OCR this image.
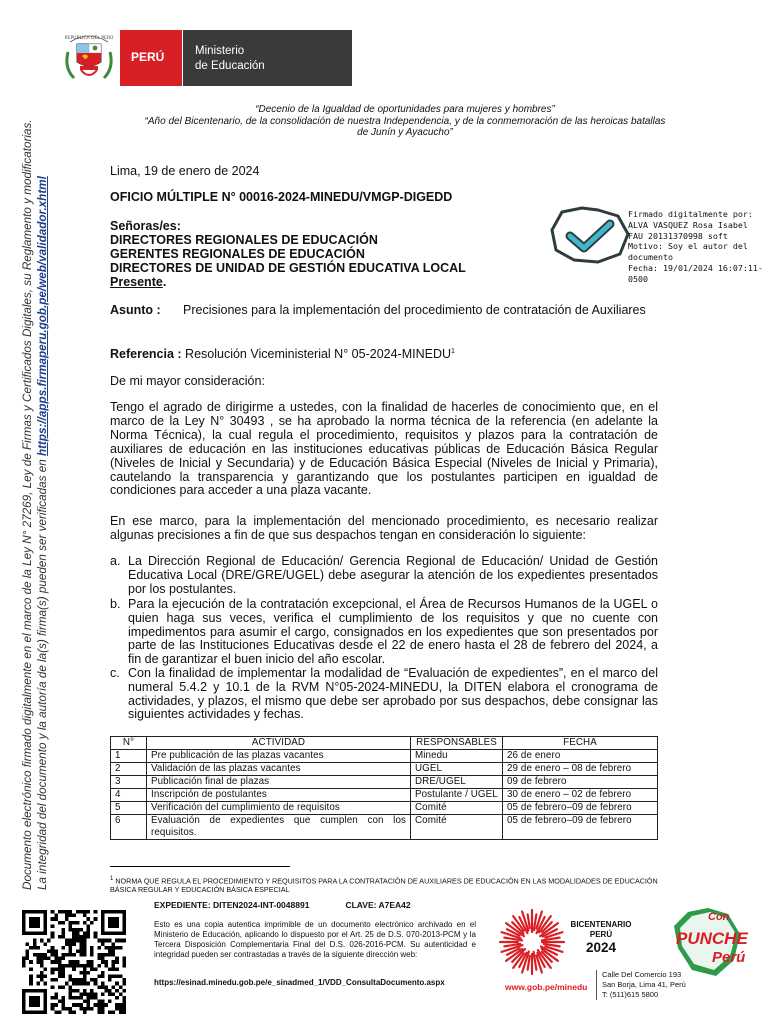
REPÚBLICA DEL PERÚ
PERÚ	Ministerio
de Educación
“Decenio de la Igualdad de oportunidades para mujeres y hombres”
“Año del Bicentenario, de la consolidación de nuestra Independencia, y de la conmemoración de las heroicas batallas
de Junín y Ayacucho”
Documento electrónico firmado digitalmente en el marco de la Ley N° 27269, Ley de Firmas y Certificados Digitales, su Reglamento y modificatorias. La integridad del documento y la autoría de la(s) firma(s) pueden ser verificadas en https://apps.firmaperu.gob.pe/web/validador.xhtml
Lima, 19 de enero de 2024
OFICIO MÚLTIPLE N° 00016-2024-MINEDU/VMGP-DIGEDD
Señoras/es:
DIRECTORES REGIONALES DE EDUCACIÓN
GERENTES REGIONALES DE EDUCACIÓN
DIRECTORES DE UNIDAD DE GESTIÓN EDUCATIVA LOCAL
Presente.
Firmado digitalmente por:
ALVA VASQUEZ Rosa Isabel
FAU 20131370998 soft
Motivo: Soy el autor del
documento
Fecha: 19/01/2024 16:07:11-0500
Asunto : Precisiones para la implementación del procedimiento de contratación de Auxiliares
Referencia : Resolución Viceministerial N° 05-2024-MINEDU$^1$
De mi mayor consideración:
Tengo el agrado de dirigirme a ustedes, con la finalidad de hacerles de conocimiento que, en el marco de la Ley N° 30493 , se ha aprobado la norma técnica de la referencia (en adelante la Norma Técnica), la cual regula el procedimiento, requisitos y plazos para la contratación de auxiliares de educación en las instituciones educativas públicas de Educación Básica Regular (Niveles de Inicial y Secundaria) y de Educación Básica Especial (Niveles de Inicial y Primaria), cautelando la transparencia y garantizando que los postulantes participen en igualdad de condiciones para acceder a una plaza vacante.
En ese marco, para la implementación del mencionado procedimiento, es necesario realizar algunas precisiones a fin de que sus despachos tengan en consideración lo siguiente:
a. La Dirección Regional de Educación/ Gerencia Regional de Educación/ Unidad de Gestión Educativa Local (DRE/GRE/UGEL) debe asegurar la atención de los expedientes presentados por los postulantes.
b. Para la ejecución de la contratación excepcional, el Área de Recursos Humanos de la UGEL o quien haga sus veces, verifica el cumplimiento de los requisitos y que no cuente con impedimentos para asumir el cargo, consignados en los expedientes que son presentados por parte de las Instituciones Educativas desde el 22 de enero hasta el 28 de febrero del 2024, a fin de garantizar el buen inicio del año escolar.
c. Con la finalidad de implementar la modalidad de “Evaluación de expedientes”, en el marco del numeral 5.4.2 y 10.1 de la RVM N°05-2024-MINEDU, la DITEN elabora el cronograma de actividades, y plazos, el mismo que debe ser aprobado por sus despachos, debe consignar las siguientes actividades y fechas.
N°	ACTIVIDAD	RESPONSABLES	FECHA
1	Pre publicación de las plazas vacantes	Minedu	26 de enero
2	Validación de las plazas vacantes	UGEL	29 de enero – 08 de febrero
3	Publicación final de plazas	DRE/UGEL	09 de febrero
4	Inscripción de postulantes	Postulante / UGEL	30 de enero – 02 de febrero
5	Verificación del cumplimiento de requisitos	Comité	05 de febrero–09 de febrero
6	Evaluación de expedientes que cumplen con los requisitos.	Comité	05 de febrero–09 de febrero
$^1$ NORMA QUE REGULA EL PROCEDIMIENTO Y REQUISITOS PARA LA CONTRATACIÓN DE AUXILIARES DE EDUCACIÓN EN LAS MODALIDADES DE EDUCACIÓN BÁSICA REGULAR Y EDUCACIÓN BÁSICA ESPECIAL
EXPEDIENTE: DITEN2024-INT-0048891	CLAVE: A7EA42
Esto es una copia autentica imprimible de un documento electrónico archivado en el Ministerio de Educación, aplicando lo dispuesto por el Art. 25 de D.S. 070-2013-PCM y la Tercera Disposición Complementaria Final del D.S. 026-2016-PCM. Su autenticidad e integridad pueden ser contrastadas a través de la siguiente dirección web:
https://esinad.minedu.gob.pe/e_sinadmed_1/VDD_ConsultaDocumento.aspx
BICENTENARIO
PERÚ
2024
Con
PUNCHE
Perú
www.gob.pe/minedu
Calle Del Comercio 193
San Borja, Lima 41, Perú
T: (511)615 5800
